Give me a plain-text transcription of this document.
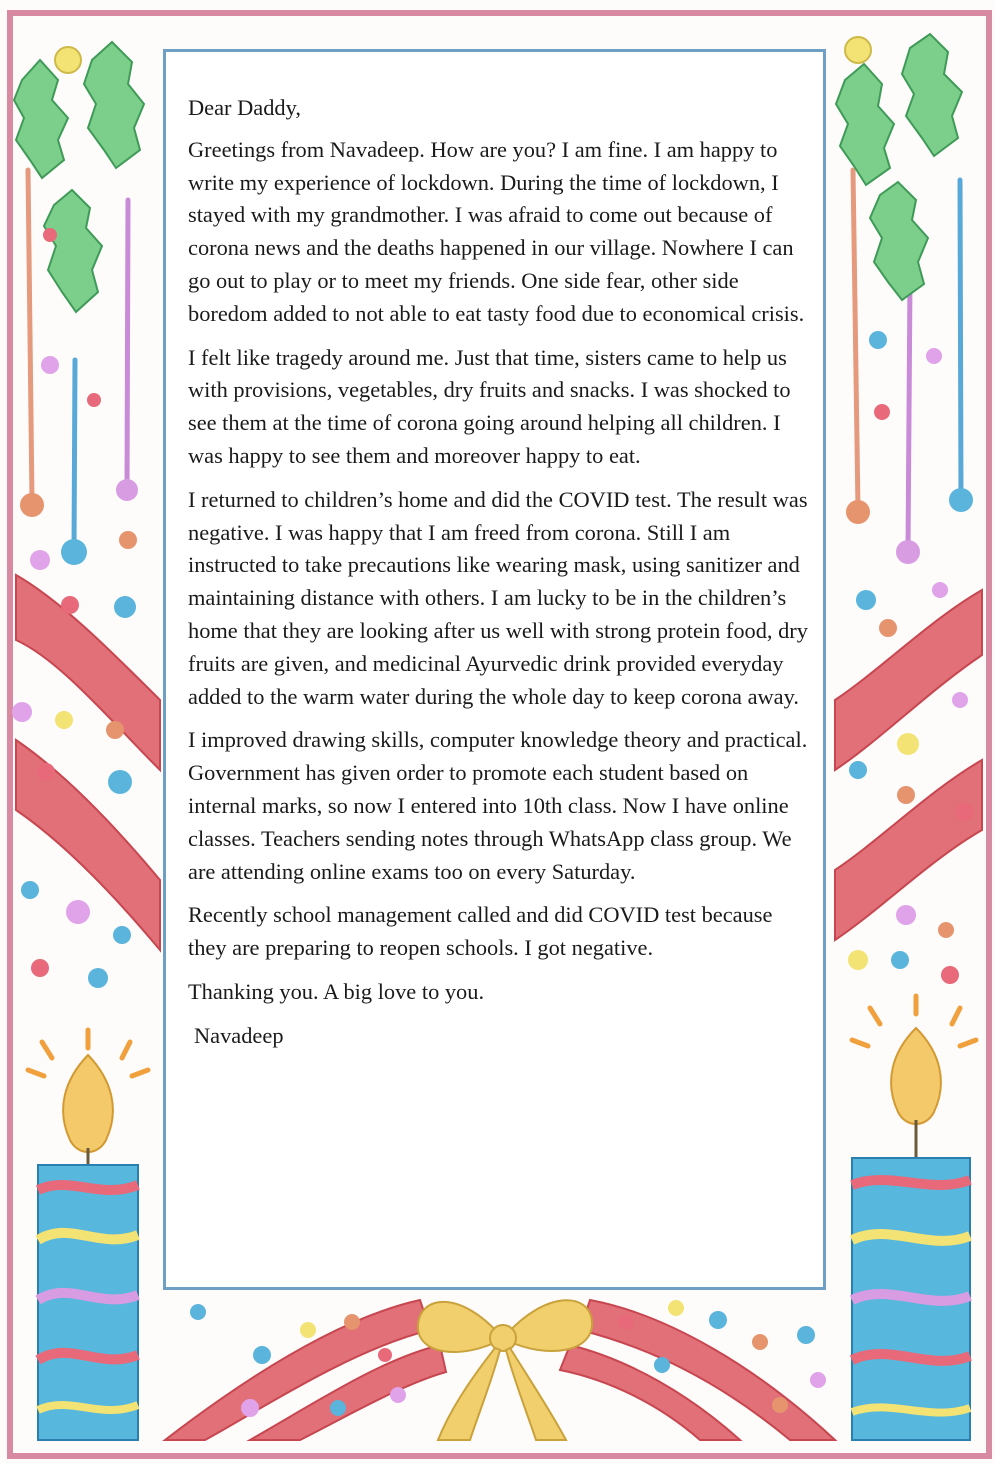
Dear Daddy,

Greetings from Navadeep. How are you? I am fine. I am happy to write my experience of lockdown. During the time of lockdown, I stayed with my grandmother. I was afraid to come out because of corona news and the deaths happened in our village. Nowhere I can go out to play or to meet my friends. One side fear, other side boredom added to not able to eat tasty food due to economical crisis.

I felt like tragedy around me. Just that time, sisters came to help us with provisions, vegetables, dry fruits and snacks. I was shocked to see them at the time of corona going around helping all children. I was happy to see them and moreover happy to eat.

I returned to children’s home and did the COVID test. The result was negative. I was happy that I am freed from corona. Still I am instructed to take precautions like wearing mask, using sanitizer and maintaining distance with others. I am lucky to be in the children’s home that they are looking after us well with strong protein food, dry fruits are given, and medicinal Ayurvedic drink provided everyday added to the warm water during the whole day to keep corona away.

I improved drawing skills, computer knowledge theory and practical. Government has given order to promote each student based on internal marks, so now I entered into 10th class. Now I have online classes. Teachers sending notes through WhatsApp class group. We are attending online exams too on every Saturday.

Recently school management called and did COVID test because they are preparing to reopen schools. I got negative.

Thanking you. A big love to you.

Navadeep
